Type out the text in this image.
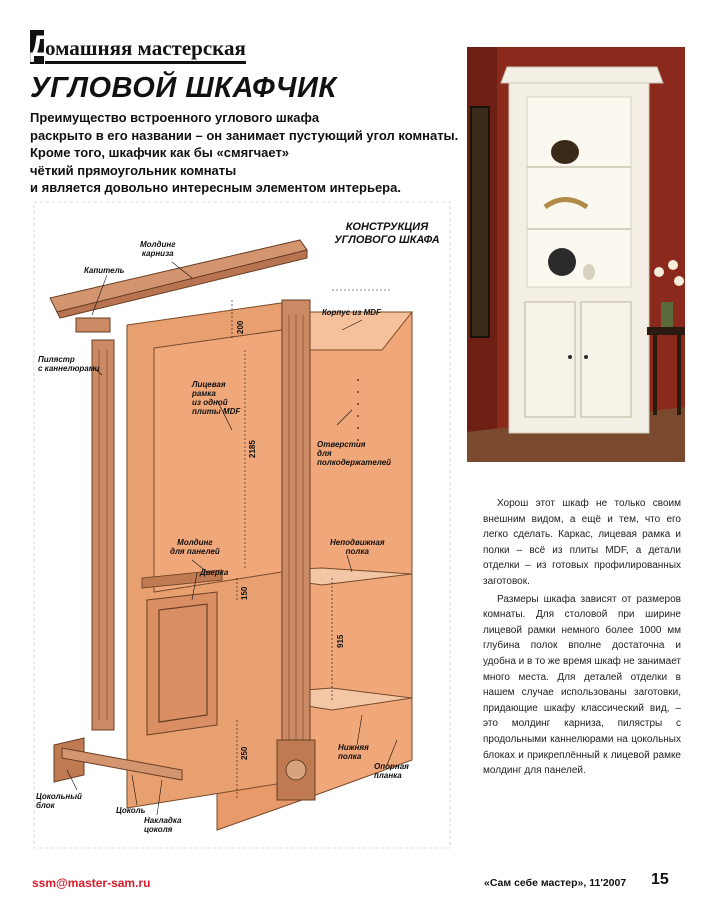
Д
омашняя мастерская
УГЛОВОЙ ШКАФЧИК
Преимущество встроенного углового шкафа
раскрыто в его названии – он занимает пустующий угол комнаты.
Кроме того, шкафчик как бы «смягчает»
чёткий прямоугольник комнаты
и является довольно интересным элементом интерьера.
КОНСТРУКЦИЯ
УГЛОВОГО ШКАФА
Молдинг
карниза
Капитель
Пилястр
с каннелюрами
Лицевая
рамка
из одной
плиты MDF
Корпус из MDF
Отверстия
для
полкодержателей
Молдинг
для панелей
Дверка
Неподвижная
полка
Нижняя
полка
Опорная
планка
Цокольный
блок
Цоколь
Накладка
цоколя
200
2185
150
915
250

Хорош этот шкаф не только своим внешним видом, а ещё и тем, что его легко сделать. Каркас, лицевая рамка и полки – всё из плиты MDF, а детали отделки – из готовых профилированных заготовок.

Размеры шкафа зависят от размеров комнаты. Для столовой при ширине лицевой рамки немного более 1000 мм глубина полок вполне достаточна и удобна и в то же время шкаф не занимает много места. Для деталей отделки в нашем случае использованы заготовки, придающие шкафу классический вид, – это молдинг карниза, пилястры с продольными каннелюрами на цокольных блоках и прикреплённый к лицевой рамке молдинг для панелей.

ssm@master-sam.ru	«Сам себе мастер», 11'2007 15
